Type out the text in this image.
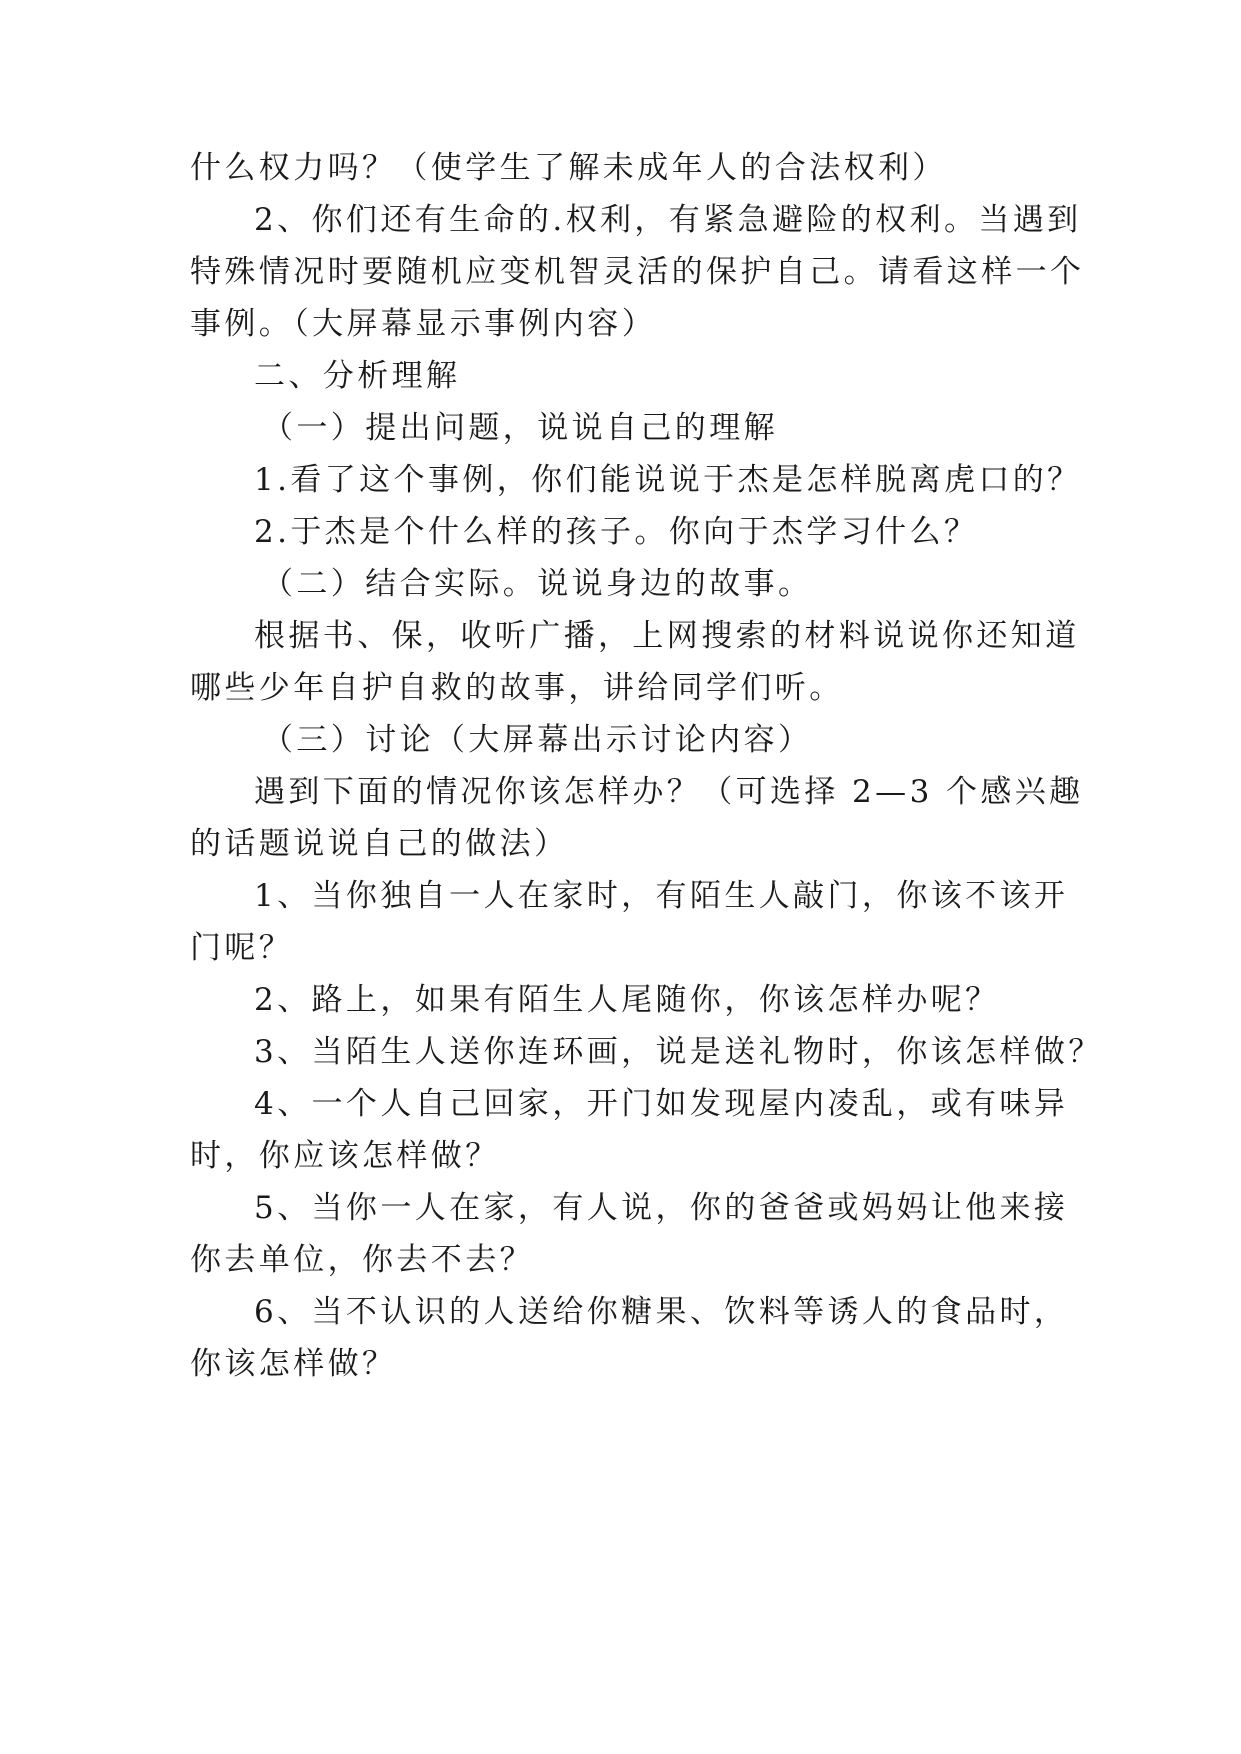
什么权力吗？（使学生了解未成年人的合法权利）
2、你们还有生命的.权利，有紧急避险的权利。当遇到
特殊情况时要随机应变机智灵活的保护自己。请看这样一个
事例。（大屏幕显示事例内容）
二、分析理解
（一）提出问题，说说自己的理解
1.看了这个事例，你们能说说于杰是怎样脱离虎口的？
2.于杰是个什么样的孩子。你向于杰学习什么？
（二）结合实际。说说身边的故事。
根据书、保，收听广播，上网搜索的材料说说你还知道
哪些少年自护自救的故事，讲给同学们听。
（三）讨论（大屏幕出示讨论内容）
遇到下面的情况你该怎样办？（可选择 2—3 个感兴趣
的话题说说自己的做法）
1、当你独自一人在家时，有陌生人敲门，你该不该开
门呢？
2、路上，如果有陌生人尾随你，你该怎样办呢？
3、当陌生人送你连环画，说是送礼物时，你该怎样做？
4、一个人自己回家，开门如发现屋内凌乱，或有味异
时，你应该怎样做？
5、当你一人在家，有人说，你的爸爸或妈妈让他来接
你去单位，你去不去？
6、当不认识的人送给你糖果、饮料等诱人的食品时，
你该怎样做？
